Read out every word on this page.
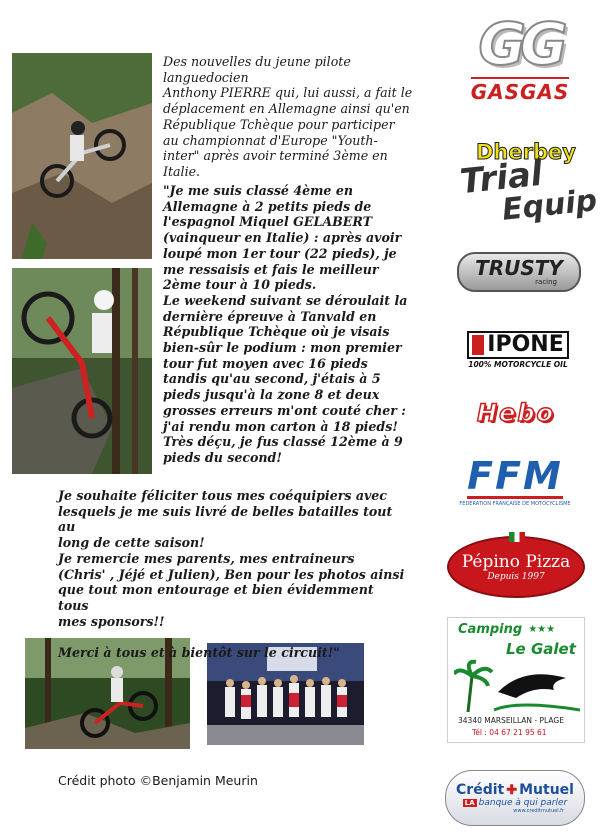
Des nouvelles du jeune pilote languedocien
Anthony PIERRE qui, lui aussi, a fait le
déplacement en Allemagne ainsi qu'en
République Tchèque pour participer
au championnat d'Europe "Youth-
inter" après avoir terminé 3ème en
Italie.
"Je me suis classé 4ème en
Allemagne à 2 petits pieds de
l'espagnol Miquel GELABERT
(vainqueur en Italie) : après avoir
loupé mon 1er tour (22 pieds), je
me ressaisis et fais le meilleur
2ème tour à 10 pieds.
Le weekend suivant se déroulait la
dernière épreuve à Tanvald en
République Tchèque où je visais
bien-sûr le podium : mon premier
tour fut moyen avec 16 pieds
tandis qu'au second, j'étais à 5
pieds jusqu'à la zone 8 et deux
grosses erreurs m'ont couté cher :
j'ai rendu mon carton à 18 pieds!
Très déçu, je fus classé 12ème à 9
pieds du second!
Je souhaite féliciter tous mes coéquipiers avec
lesquels je me suis livré de belles batailles tout au
long de cette saison!
Je remercie mes parents, mes entraineurs
(Chris' , Jéjé et Julien), Ben pour les photos ainsi
que tout mon entourage et bien évidemment tous
mes sponsors!!
Merci à tous et à bientôt sur le circuit!"
Crédit photo ©Benjamin Meurin
GG
GASGAS
Dherbey
Trial
Equip
TRUSTY
racing
IPONE
100% MOTORCYCLE OIL
Hebo
FFM
FEDERATION FRANÇAISE DE MOTOCYCLISME
Pépino Pizza
Depuis 1997
Camping ★★★
Le Galet
34340 MARSEILLAN - PLAGE
Tél : 04 67 21 95 61
Crédit ✚ Mutuel
LA banque à qui parler
www.creditmutuel.fr
